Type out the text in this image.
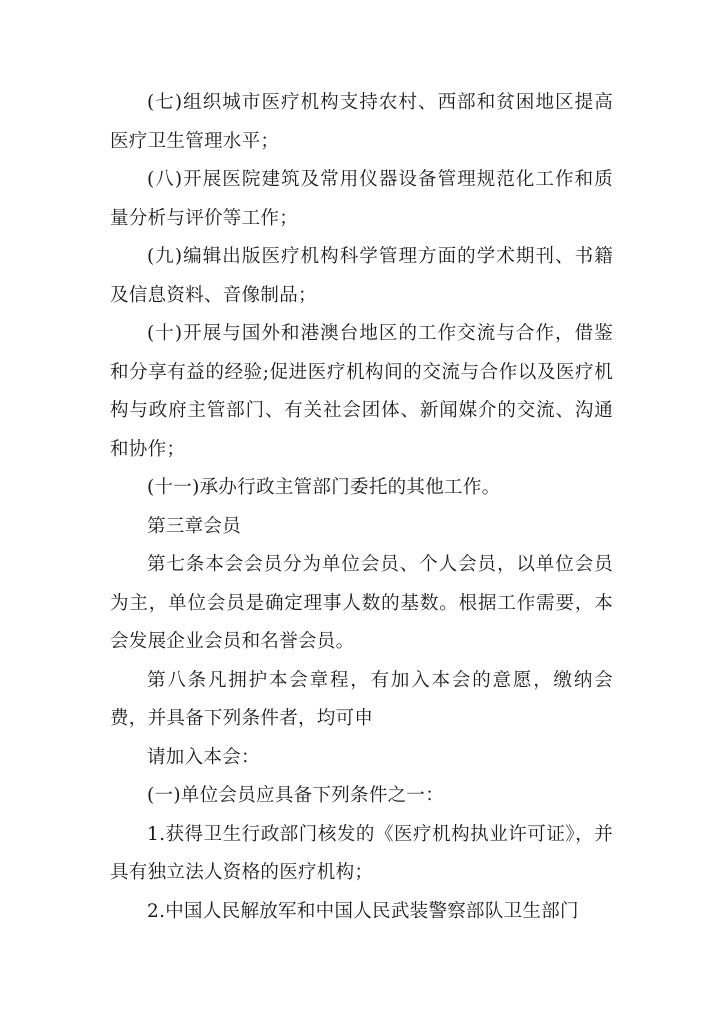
(七)组织城市医疗机构支持农村、西部和贫困地区提高医疗卫生管理水平；

(八)开展医院建筑及常用仪器设备管理规范化工作和质量分析与评价等工作；

(九)编辑出版医疗机构科学管理方面的学术期刊、书籍及信息资料、音像制品；

(十)开展与国外和港澳台地区的工作交流与合作，借鉴和分享有益的经验;促进医疗机构间的交流与合作以及医疗机构与政府主管部门、有关社会团体、新闻媒介的交流、沟通和协作；

(十一)承办行政主管部门委托的其他工作。

第三章会员

第七条本会会员分为单位会员、个人会员，以单位会员为主，单位会员是确定理事人数的基数。根据工作需要，本会发展企业会员和名誉会员。

第八条凡拥护本会章程，有加入本会的意愿，缴纳会费，并具备下列条件者，均可申

请加入本会：

(一)单位会员应具备下列条件之一：

1.获得卫生行政部门核发的《医疗机构执业许可证》，并具有独立法人资格的医疗机构；

2.中国人民解放军和中国人民武装警察部队卫生部门
